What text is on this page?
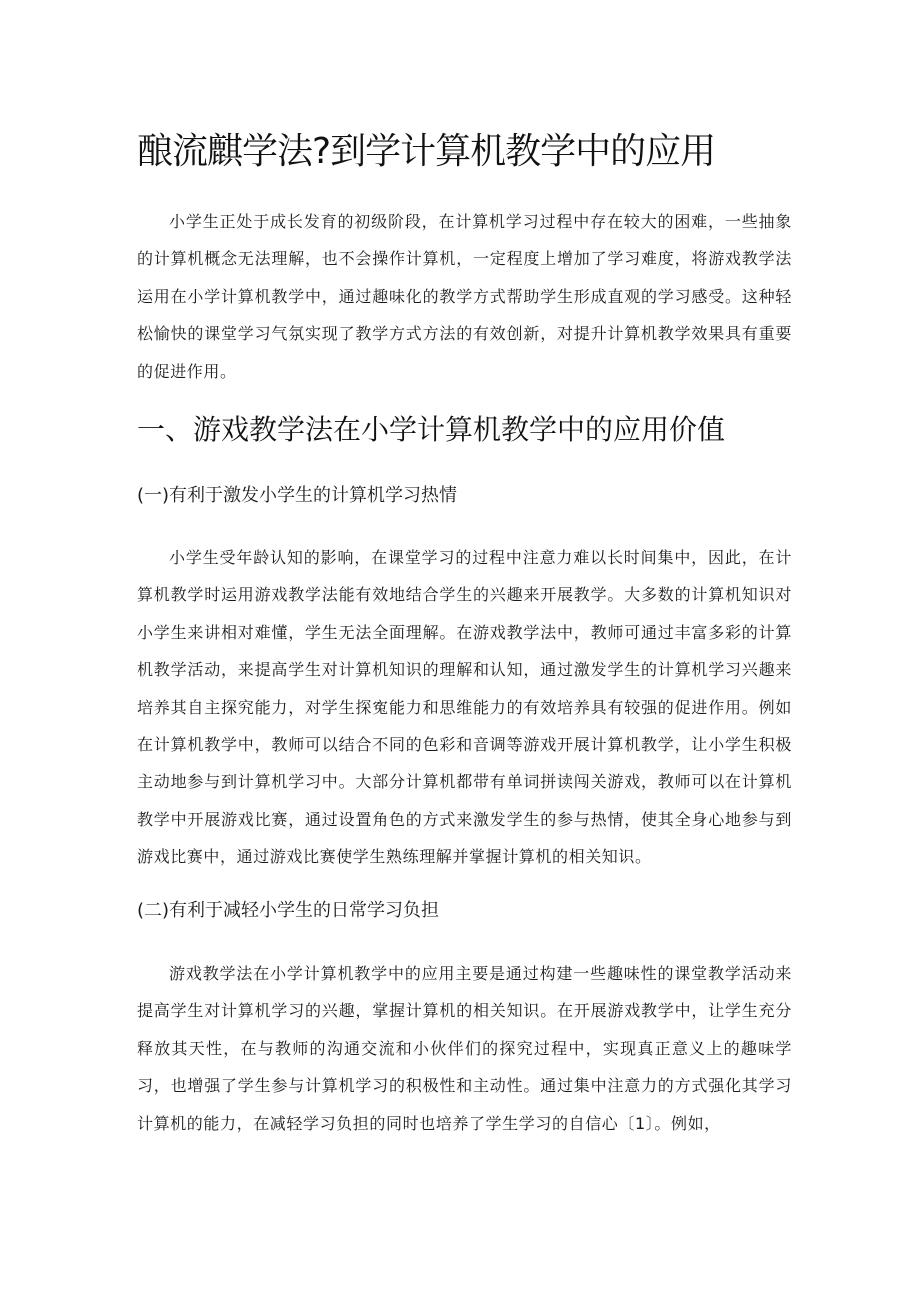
酿流麒学法?到学计算机教学中的应用
小学生正处于成长发育的初级阶段，在计算机学习过程中存在较大的困难，一些抽象的计算机概念无法理解，也不会操作计算机，一定程度上增加了学习难度，将游戏教学法运用在小学计算机教学中，通过趣味化的教学方式帮助学生形成直观的学习感受。这种轻松愉快的课堂学习气氛实现了教学方式方法的有效创新，对提升计算机教学效果具有重要的促进作用。
一、游戏教学法在小学计算机教学中的应用价值
(一)有利于激发小学生的计算机学习热情
小学生受年龄认知的影响，在课堂学习的过程中注意力难以长时间集中，因此，在计算机教学时运用游戏教学法能有效地结合学生的兴趣来开展教学。大多数的计算机知识对小学生来讲相对难懂，学生无法全面理解。在游戏教学法中，教师可通过丰富多彩的计算机教学活动，来提高学生对计算机知识的理解和认知，通过激发学生的计算机学习兴趣来培养其自主探究能力，对学生探寃能力和思维能力的有效培养具有较强的促进作用。例如在计算机教学中，教师可以结合不同的色彩和音调等游戏开展计算机教学，让小学生积极主动地参与到计算机学习中。大部分计算机都带有单词拼读闯关游戏，教师可以在计算机教学中开展游戏比赛，通过设置角色的方式来激发学生的参与热情，使其全身心地参与到游戏比赛中，通过游戏比赛使学生熟练理解并掌握计算机的相关知识。
(二)有利于减轻小学生的日常学习负担
游戏教学法在小学计算机教学中的应用主要是通过构建一些趣味性的课堂教学活动来提高学生对计算机学习的兴趣，掌握计算机的相关知识。在开展游戏教学中，让学生充分释放其天性，在与教师的沟通交流和小伙伴们的探究过程中，实现真正意义上的趣味学习，也增强了学生参与计算机学习的积极性和主动性。通过集中注意力的方式强化其学习计算机的能力，在减轻学习负担的同时也培养了学生学习的自信心〔1〕。例如，
